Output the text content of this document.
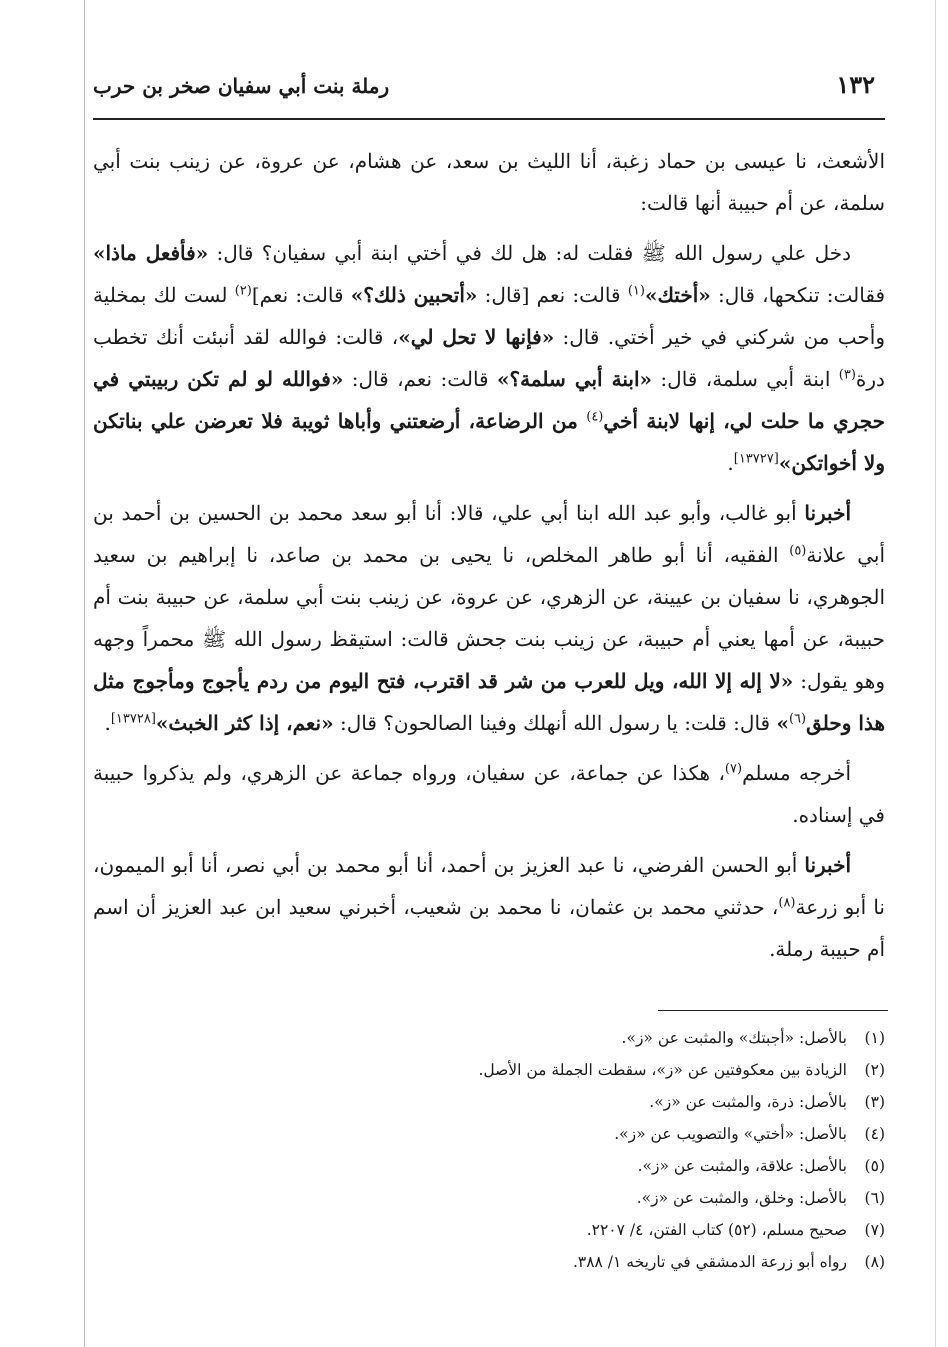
١٣٢
رملة بنت أبي سفيان صخر بن حرب

الأشعث، نا عيسى بن حماد زغبة، أنا الليث بن سعد، عن هشام، عن عروة، عن زينب بنت أبي سلمة، عن أم حبيبة أنها قالت:

دخل علي رسول الله ﷺ فقلت له: هل لك في أختي ابنة أبي سفيان؟ قال: «فأفعل ماذا» فقالت: تنكحها، قال: «أختك»$^{(١)}$ قالت: نعم [قال: «أتحبين ذلك؟» قالت: نعم]$^{(٢)}$ لست لك بمخلية وأحب من شركني في خير أختي. قال: «فإنها لا تحل لي»، قالت: فوالله لقد أنبئت أنك تخطب درة$^{(٣)}$ ابنة أبي سلمة، قال: «ابنة أبي سلمة؟» قالت: نعم، قال: «فوالله لو لم تكن ربيبتي في حجري ما حلت لي، إنها لابنة أخي$^{(٤)}$ من الرضاعة، أرضعتني وأباها ثويبة فلا تعرضن علي بناتكن ولا أخواتكن»[١٣٧٢٧].

أخبرنا أبو غالب، وأبو عبد الله ابنا أبي علي، قالا: أنا أبو سعد محمد بن الحسين بن أحمد بن أبي علانة$^{(٥)}$ الفقيه، أنا أبو طاهر المخلص، نا يحيى بن محمد بن صاعد، نا إبراهيم بن سعيد الجوهري، نا سفيان بن عيينة، عن الزهري، عن عروة، عن زينب بنت أبي سلمة، عن حبيبة بنت أم حبيبة، عن أمها يعني أم حبيبة، عن زينب بنت جحش قالت: استيقظ رسول الله ﷺ محمراً وجهه وهو يقول: «لا إله إلا الله، ويل للعرب من شر قد اقترب، فتح اليوم من ردم يأجوج ومأجوج مثل هذا وحلق$^{(٦)}$» قال: قلت: يا رسول الله أنهلك وفينا الصالحون؟ قال: «نعم، إذا كثر الخبث»[١٣٧٢٨].

أخرجه مسلم$^{(٧)}$، هكذا عن جماعة، عن سفيان، ورواه جماعة عن الزهري، ولم يذكروا حبيبة في إسناده.

أخبرنا أبو الحسن الفرضي، نا عبد العزيز بن أحمد، أنا أبو محمد بن أبي نصر، أنا أبو الميمون، نا أبو زرعة$^{(٨)}$، حدثني محمد بن عثمان، نا محمد بن شعيب، أخبرني سعيد ابن عبد العزيز أن اسم أم حبيبة رملة.

(١)
بالأصل: «أجبتك» والمثبت عن «ز».
(٢)
الزيادة بين معكوفتين عن «ز»، سقطت الجملة من الأصل.
(٣)
بالأصل: ذرة، والمثبت عن «ز».
(٤)
بالأصل: «أختي» والتصويب عن «ز».
(٥)
بالأصل: علاقة، والمثبت عن «ز».
(٦)
بالأصل: وخلق، والمثبت عن «ز».
(٧)
صحيح مسلم، (٥٢) كتاب الفتن، ٤/ ٢٢٠٧.
(٨)
رواه أبو زرعة الدمشقي في تاريخه ١/ ٣٨٨.
